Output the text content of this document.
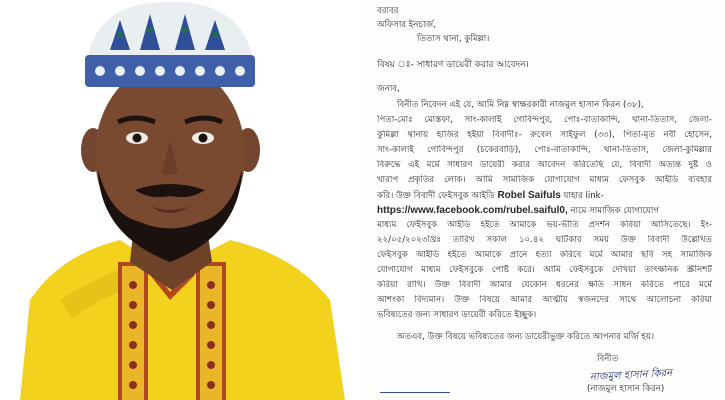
বরাবর
অফিসার ইনচার্জ,
তিতাস থানা, কুমিল্লা।
বিষয় ঃ- সাধারণ ডায়েরী করার আবেদন।
জনাব,
বিনীত নিবেদন এই যে, আমি নিম্ন স্বাক্ষরকারী নাজমুল হাসান কিরন (৩৮),
পিতা-মোঃ মোস্তফা, সাং-কালাই গোবিন্দপুর, পোঃ-বাতাকান্দি, থানা-তিতাস, জেলা-
কুমিল্লা থানায় হাজির হইয়া বিবাদীঃ- রুবেল সাইফুল (৩৩), পিতা-মৃত নবী হোসেন,
সাং-কালাই গোবিন্দপুর (চকেরবাড়ি), পোঃ-বাতাকান্দি, থানা-তিতাস, জেলা-কুমিল্লার
বিরুদ্ধে এই মর্মে সাধারণ ডায়েরী করার আবেদন করিতেছি যে, বিবাদী অত্যন্ত দুষ্ট ও
খারাপ প্রকৃতির লোক। আমি সামাজিক যোগাযোগ মাধ্যম ফেসবুক আইডি ব্যবহার
করি। উক্ত বিবাদী ফেইসবুক আইডি Robel Saifuls যাহার link-
https://www.facebook.com/rubel.saiful0, নামে সামাজিক যোগাযোগ
মাধ্যম ফেইসবুক আইডি হইতে আমাকে ভয়-ভীতি প্রদর্শন করিয়া আসিতেছে। ইং-
২২/০৫/২০২৩খ্রিঃ তারিখ সকাল ১০.৪২ ঘটিকার সময় উক্ত বিবাদী উল্লেখিত
ফেইসবুক আইডি হইতে আমাকে প্রানে হত্যা করিবে মর্মে আমার ছবি সহ সামাজিক
যোগাযোগ মাধ্যম ফেইসবুকে পোষ্ট করে। আমি ফেইসবুকে দেখিয়া তাৎক্ষনিক স্ক্রীনশর্ট
করিয়া রাখি। উক্ত বিবাদী আমার যেকোন ধরনের ক্ষতি সাধন করিতে পারে মর্মে
আশংকা বিদ্যমান। উক্ত বিষয়ে আমার আত্মীয় স্বজনদের সাথে আলোচনা করিয়া
ভবিষ্যতের জন্য সাধারণ ডায়েরী করিতে ইচ্ছুক।
অতএব, উক্ত বিষয়ে ভবিষ্যতের জন্য ডায়েরীভুক্ত করিতে আপনার মর্জি হয়।
বিনীত
(নাজমুল হাসান কিরন)
নাজমুল হাসান কিরন
